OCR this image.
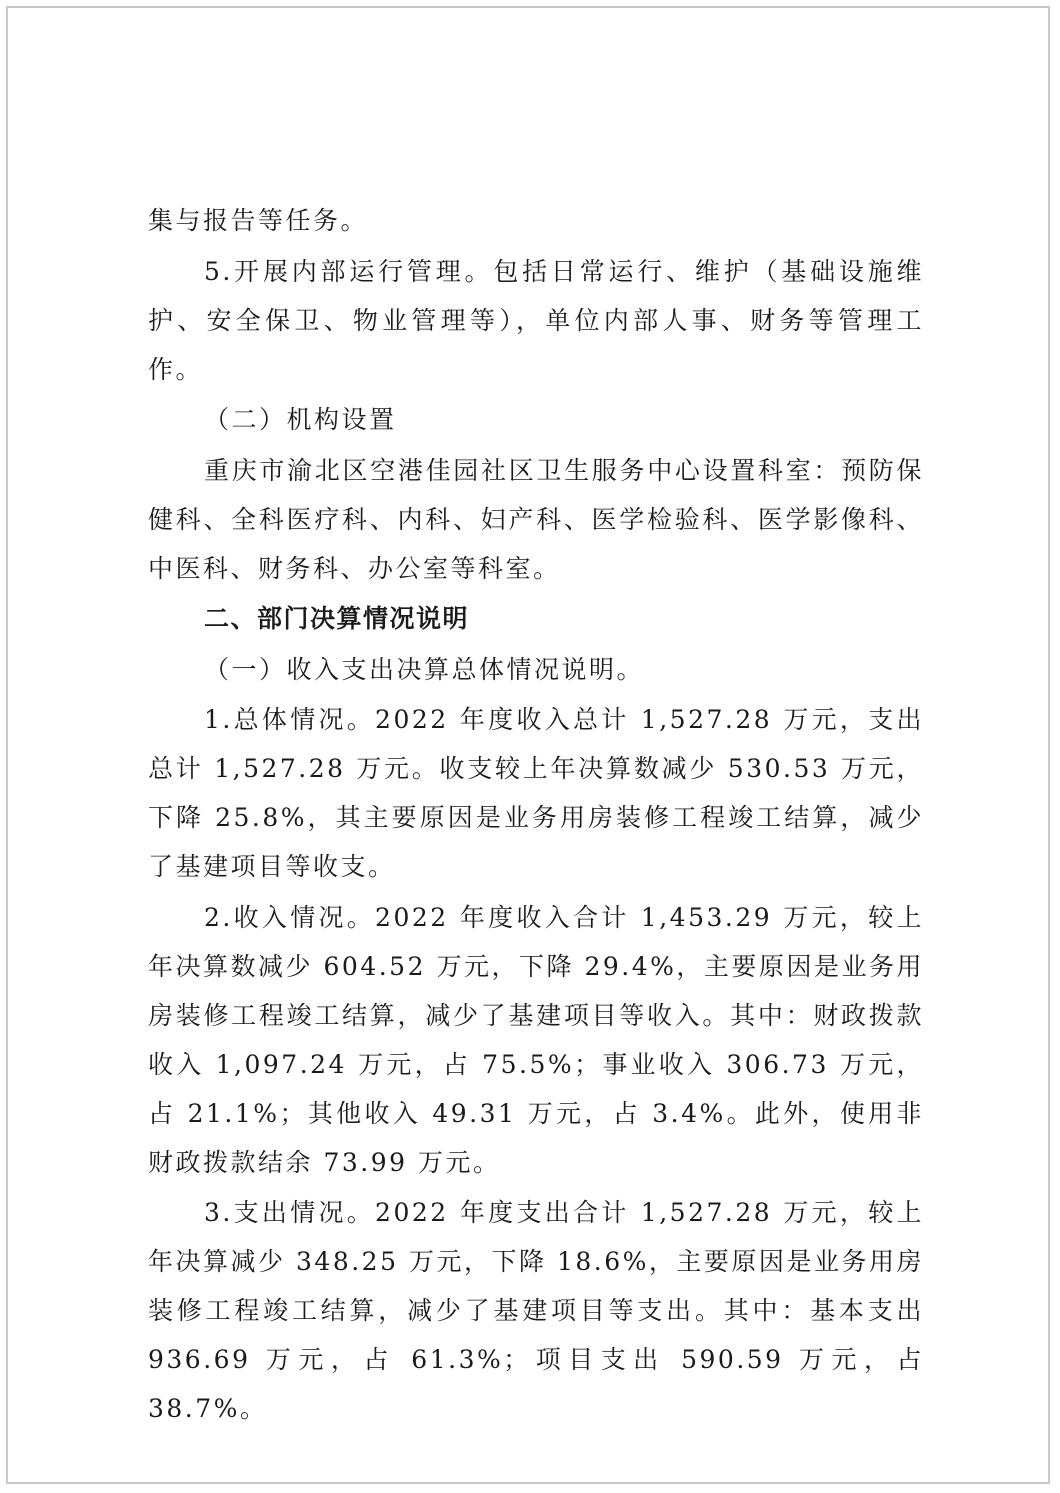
集与报告等任务。

5.开展内部运行管理。包括日常运行、维护（基础设施维护、安全保卫、物业管理等），单位内部人事、财务等管理工作。

（二）机构设置

重庆市渝北区空港佳园社区卫生服务中心设置科室：预防保健科、全科医疗科、内科、妇产科、医学检验科、医学影像科、中医科、财务科、办公室等科室。

二、部门决算情况说明

（一）收入支出决算总体情况说明。

1.总体情况。2022 年度收入总计 1,527.28 万元，支出总计 1,527.28 万元。收支较上年决算数减少 530.53 万元，下降 25.8%，其主要原因是业务用房装修工程竣工结算，减少了基建项目等收支。

2.收入情况。2022 年度收入合计 1,453.29 万元，较上年决算数减少 604.52 万元，下降 29.4%，主要原因是业务用房装修工程竣工结算，减少了基建项目等收入。其中：财政拨款收入 1,097.24 万元，占 75.5%；事业收入 306.73 万元，占 21.1%；其他收入 49.31 万元，占 3.4%。此外，使用非财政拨款结余 73.99 万元。

3.支出情况。2022 年度支出合计 1,527.28 万元，较上年决算减少 348.25 万元，下降 18.6%，主要原因是业务用房装修工程竣工结算，减少了基建项目等支出。其中：基本支出 936.69 万元，占 61.3%；项目支出 590.59 万元，占 38.7%。
